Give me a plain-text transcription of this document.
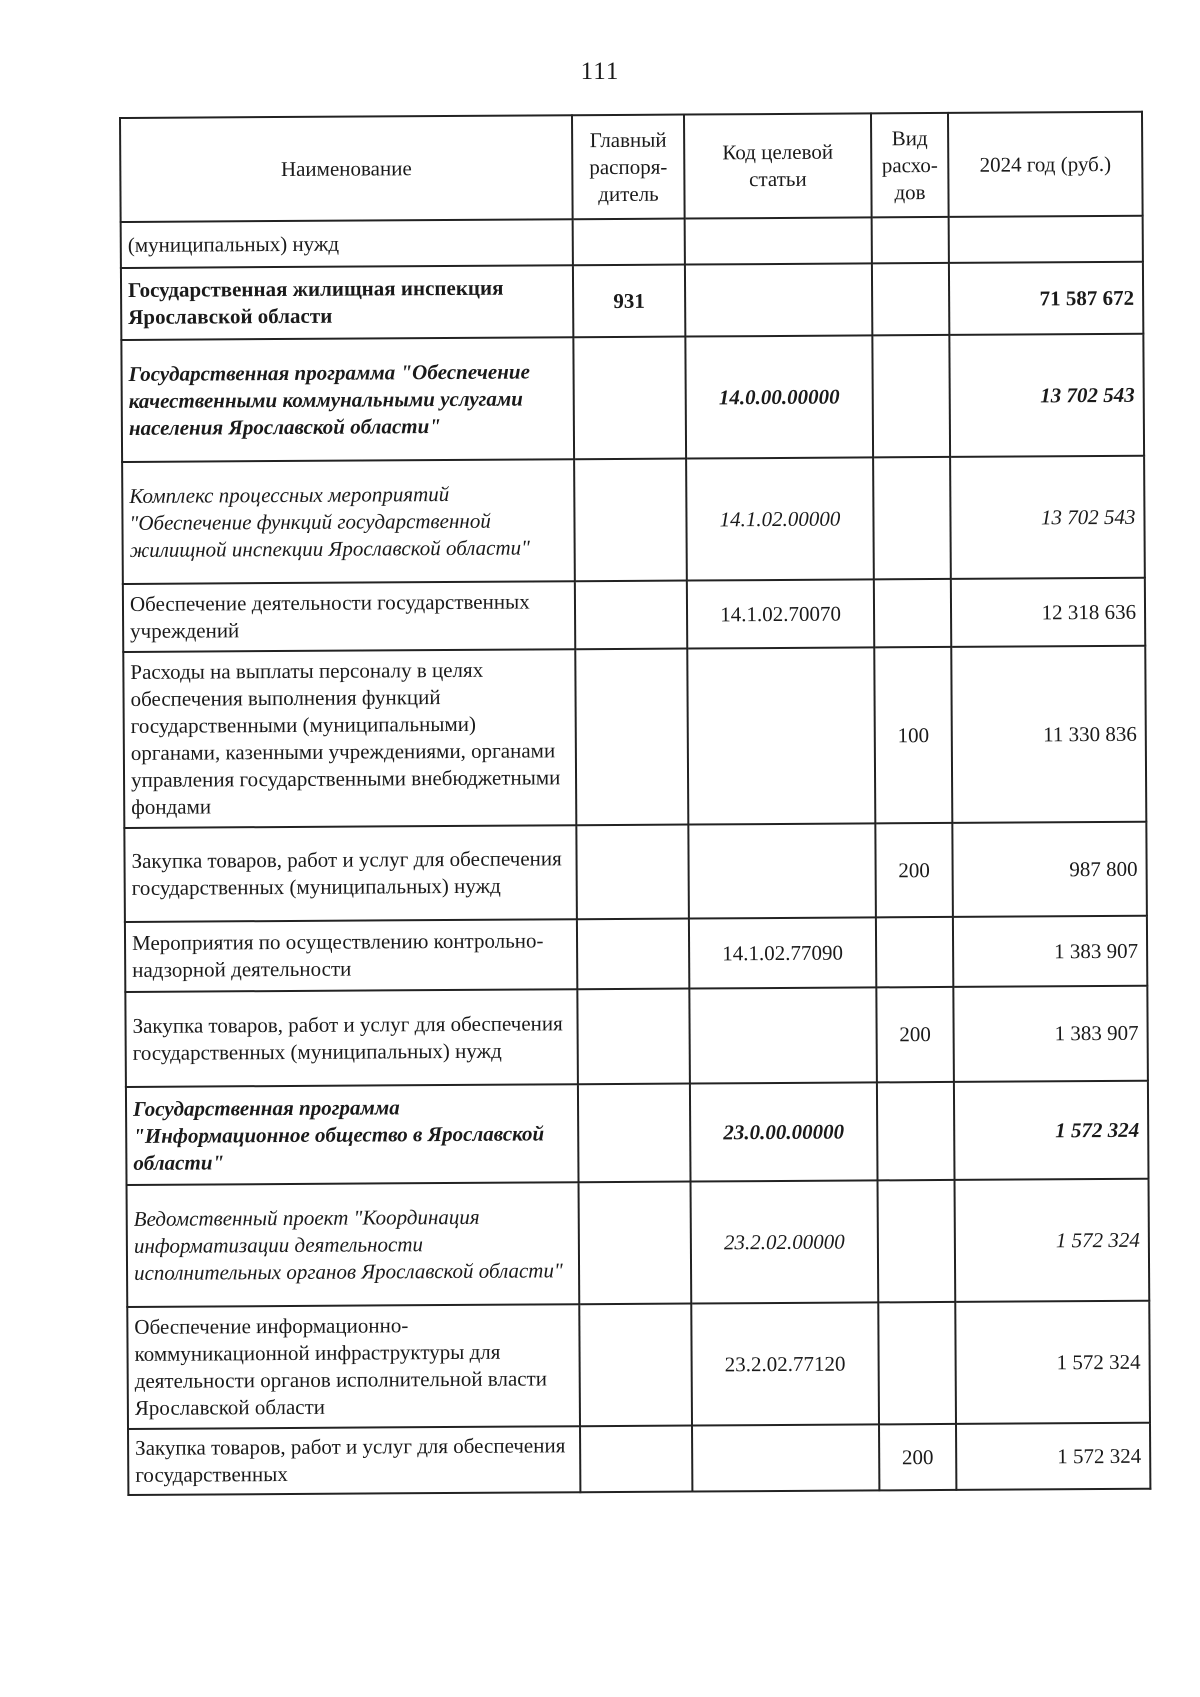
111
Наименование	Главный распоря-дитель	Код целевой статьи	Вид расхо-дов	2024 год (руб.)
(муниципальных) нужд				
Государственная жилищная инспекция Ярославской области	931			71 587 672
Государственная программа "Обеспечение качественными коммунальными услугами населения Ярославской области"		14.0.00.00000		13 702 543
Комплекс процессных мероприятий "Обеспечение функций государственной жилищной инспекции Ярославской области"		14.1.02.00000		13 702 543
Обеспечение деятельности государственных учреждений		14.1.02.70070		12 318 636
Расходы на выплаты персоналу в целях обеспечения выполнения функций государственными (муниципальными) органами, казенными учреждениями, органами управления государственными внебюджетными фондами			100	11 330 836
Закупка товаров, работ и услуг для обеспечения государственных (муниципальных) нужд			200	987 800
Мероприятия по осуществлению контрольно-надзорной деятельности		14.1.02.77090		1 383 907
Закупка товаров, работ и услуг для обеспечения государственных (муниципальных) нужд			200	1 383 907
Государственная программа "Информационное общество в Ярославской области"		23.0.00.00000		1 572 324
Ведомственный проект "Координация информатизации деятельности исполнительных органов Ярославской области"		23.2.02.00000		1 572 324
Обеспечение информационно-коммуникационной инфраструктуры для деятельности органов исполнительной власти Ярославской области		23.2.02.77120		1 572 324
Закупка товаров, работ и услуг для обеспечения государственных			200	1 572 324
